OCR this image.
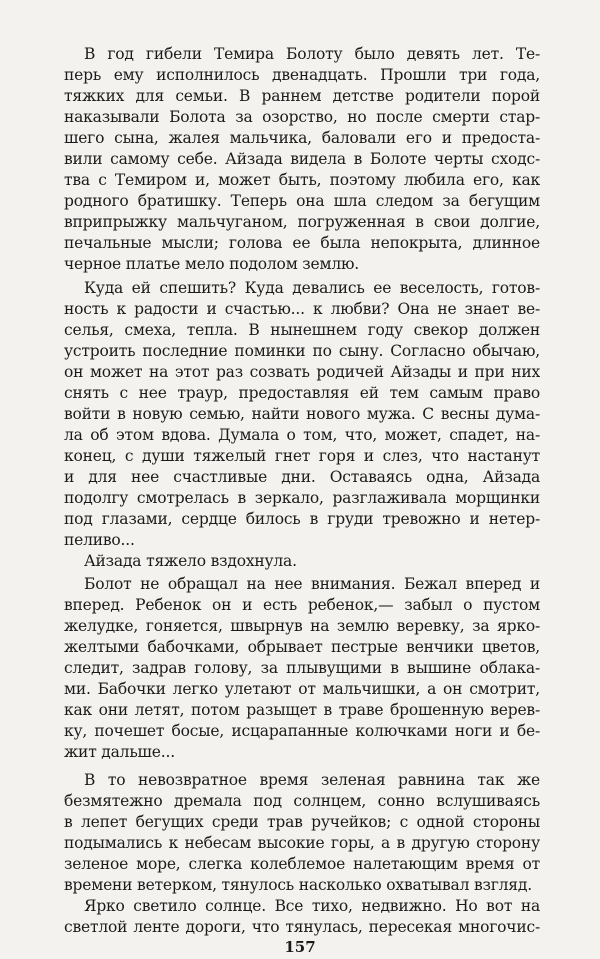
В год гибели Темира Болоту было девять лет. Те-
перь ему исполнилось двенадцать. Прошли три года,
тяжких для семьи. В раннем детстве родители порой
наказывали Болота за озорство, но после смерти стар-
шего сына, жалея мальчика, баловали его и предоста-
вили самому себе. Айзада видела в Болоте черты сходс-
тва с Темиром и, может быть, поэтому любила его, как
родного братишку. Теперь она шла следом за бегущим
вприпрыжку мальчуганом, погруженная в свои долгие,
печальные мысли; голова ее была непокрыта, длинное
черное платье мело подолом землю.
Куда ей спешить? Куда девались ее веселость, готов-
ность к радости и счастью... к любви? Она не знает ве-
селья, смеха, тепла. В нынешнем году свекор должен
устроить последние поминки по сыну. Согласно обычаю,
он может на этот раз созвать родичей Айзады и при них
снять с нее траур, предоставляя ей тем самым право
войти в новую семью, найти нового мужа. С весны дума-
ла об этом вдова. Думала о том, что, может, спадет, на-
конец, с души тяжелый гнет горя и слез, что настанут
и для нее счастливые дни. Оставаясь одна, Айзада
подолгу смотрелась в зеркало, разглаживала морщинки
под глазами, сердце билось в груди тревожно и нетер-
пеливо...
Айзада тяжело вздохнула.
Болот не обращал на нее внимания. Бежал вперед и
вперед. Ребенок он и есть ребенок,— забыл о пустом
желудке, гоняется, швырнув на землю веревку, за ярко-
желтыми бабочками, обрывает пестрые венчики цветов,
следит, задрав голову, за плывущими в вышине облака-
ми. Бабочки легко улетают от мальчишки, а он смотрит,
как они летят, потом разыщет в траве брошенную верев-
ку, почешет босые, исцарапанные колючками ноги и бе-
жит дальше...
В то невозвратное время зеленая равнина так же
безмятежно дремала под солнцем, сонно вслушиваясь
в лепет бегущих среди трав ручейков; с одной стороны
подымались к небесам высокие горы, а в другую сторону
зеленое море, слегка колеблемое налетающим время от
времени ветерком, тянулось насколько охватывал взгляд.
Ярко светило солнце. Все тихо, недвижно. Но вот на
светлой ленте дороги, что тянулась, пересекая многочис-
157
